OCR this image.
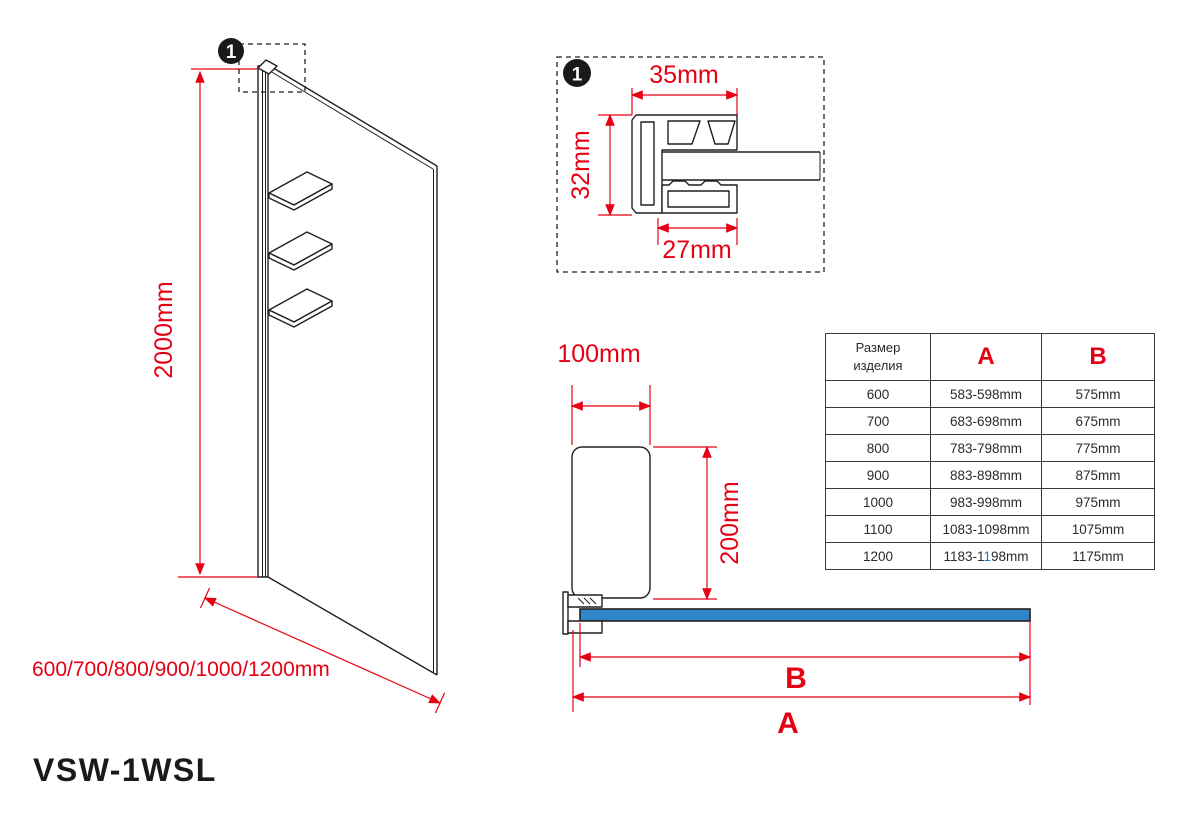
2000mm
600/700/800/900/1000/1200mm
1
35mm
32mm
27mm
1
100mm
200mm
B
A
Размер изделия	A	B
600	583-598mm	575mm
700	683-698mm	675mm
800	783-798mm	775mm
900	883-898mm	875mm
1000	983-998mm	975mm
1100	1083-1098mm	1075mm
1200	1183-1198mm	1175mm
VSW-1WSL
